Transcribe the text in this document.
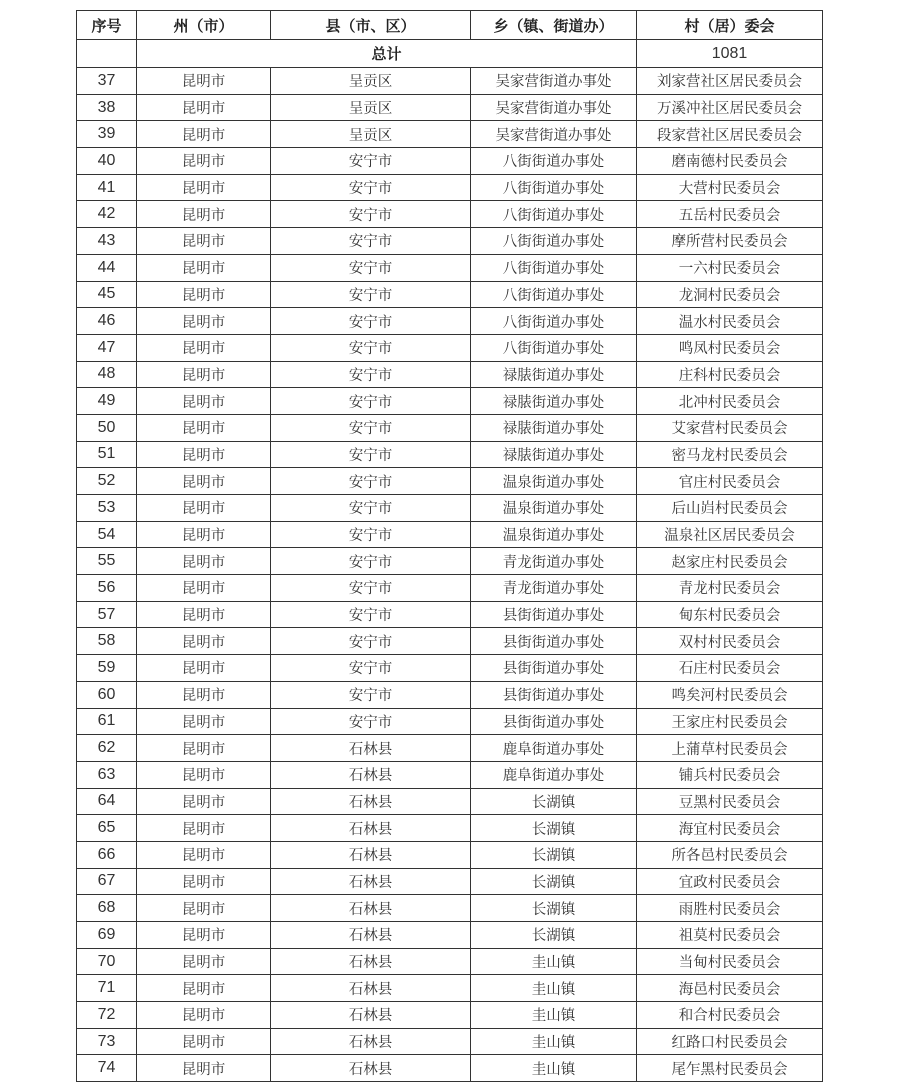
序号	州（市）	县（市、区）	乡（镇、街道办）	村（居）委会
	总计			1081
37	昆明市	呈贡区	吴家营街道办事处	刘家营社区居民委员会
38	昆明市	呈贡区	吴家营街道办事处	万溪冲社区居民委员会
39	昆明市	呈贡区	吴家营街道办事处	段家营社区居民委员会
40	昆明市	安宁市	八街街道办事处	磨南德村民委员会
41	昆明市	安宁市	八街街道办事处	大营村民委员会
42	昆明市	安宁市	八街街道办事处	五岳村民委员会
43	昆明市	安宁市	八街街道办事处	摩所营村民委员会
44	昆明市	安宁市	八街街道办事处	一六村民委员会
45	昆明市	安宁市	八街街道办事处	龙洞村民委员会
46	昆明市	安宁市	八街街道办事处	温水村民委员会
47	昆明市	安宁市	八街街道办事处	鸣凤村民委员会
48	昆明市	安宁市	禄脿街道办事处	庄科村民委员会
49	昆明市	安宁市	禄脿街道办事处	北冲村民委员会
50	昆明市	安宁市	禄脿街道办事处	艾家营村民委员会
51	昆明市	安宁市	禄脿街道办事处	密马龙村民委员会
52	昆明市	安宁市	温泉街道办事处	官庄村民委员会
53	昆明市	安宁市	温泉街道办事处	后山岿村民委员会
54	昆明市	安宁市	温泉街道办事处	温泉社区居民委员会
55	昆明市	安宁市	青龙街道办事处	赵家庄村民委员会
56	昆明市	安宁市	青龙街道办事处	青龙村民委员会
57	昆明市	安宁市	县街街道办事处	甸东村民委员会
58	昆明市	安宁市	县街街道办事处	双村村民委员会
59	昆明市	安宁市	县街街道办事处	石庄村民委员会
60	昆明市	安宁市	县街街道办事处	鸣矣河村民委员会
61	昆明市	安宁市	县街街道办事处	王家庄村民委员会
62	昆明市	石林县	鹿阜街道办事处	上蒲草村民委员会
63	昆明市	石林县	鹿阜街道办事处	铺兵村民委员会
64	昆明市	石林县	长湖镇	豆黑村民委员会
65	昆明市	石林县	长湖镇	海宜村民委员会
66	昆明市	石林县	长湖镇	所各邑村民委员会
67	昆明市	石林县	长湖镇	宜政村民委员会
68	昆明市	石林县	长湖镇	雨胜村民委员会
69	昆明市	石林县	长湖镇	祖莫村民委员会
70	昆明市	石林县	圭山镇	当甸村民委员会
71	昆明市	石林县	圭山镇	海邑村民委员会
72	昆明市	石林县	圭山镇	和合村民委员会
73	昆明市	石林县	圭山镇	红路口村民委员会
74	昆明市	石林县	圭山镇	尾乍黑村民委员会
